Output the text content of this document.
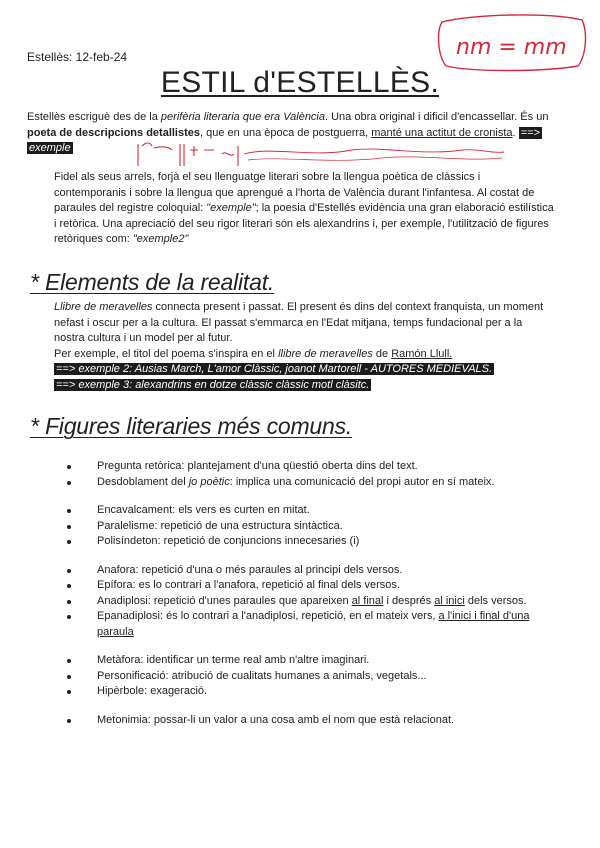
Estellès: 12-feb-24
ESTIL d'ESTELLÈS.
nm = mm
Estellès escriguè des de la perifèria literaria que era València. Una obra original i dificil d'encassellar. És un poeta de descripcions detallistes, que en una època de postguerra, manté una actitut de cronista. ==> exemple
Fidel als seus arrels, forjà el seu llenguatge literari sobre la llengua poètica de clàssics i contemporanis i sobre la llengua que aprengué a l'horta de València durant l'infantesa. Al costat de paraules del registre coloquial: "exemple"; la poesia d'Estellés evidència una gran elaboració estilística i retòrica. Una apreciació del seu rigor literari són els alexandrins i, per exemple, l'utilització de figures retòriques com: "exemple2"
* Elements de la realitat.
Llibre de meravelles connecta present i passat. El present és dins del context franquista, un moment nefast i oscur per a la cultura. El passat s'emmarca en l'Edat mitjana, temps fundacional per a la nostra cultura i un model per al futur.
Per exemple, el titol del poema s'inspira en el llibre de meravelles de Ramón Llull.
==> exemple 2: Ausias March, L'amor Clàssic, joanot Martorell - AUTORES MEDIEVALS.
==> exemple 3: alexandrins en dotze clàssic clàssic motl clàsitc.
* Figures literaries més comuns.
Pregunta retòrica: plantejament d'una qüestió oberta dins del text.
Desdoblament del jo poètic: implica una comunicació del propi autor en sí mateix.
Encavalcament: els vers es curten en mitat.
Paralelisme: repetició de una estructura sintàctica.
Polisíndeton: repetició de conjuncions innecesaries (i)
Anafora: repetició d'una o més paraules al principi dels versos.
Epífora: es lo contrari a l'anafora, repetició al final dels versos.
Anadiplosi: repetició d'unes paraules que apareixen al final i després al inici dels versos.
Epanadiplosi: és lo contrari a l'anadiplosi, repetició, en el mateix vers, a l'inici i final d'una paraula
Metàfora: identificar un terme real amb n'altre imaginari.
Personificació: atribució de cualitats humanes a animals, vegetals...
Hipèrbole: exageració.
Metonimia: possar-li un valor a una cosa amb el nom que està relacionat.
